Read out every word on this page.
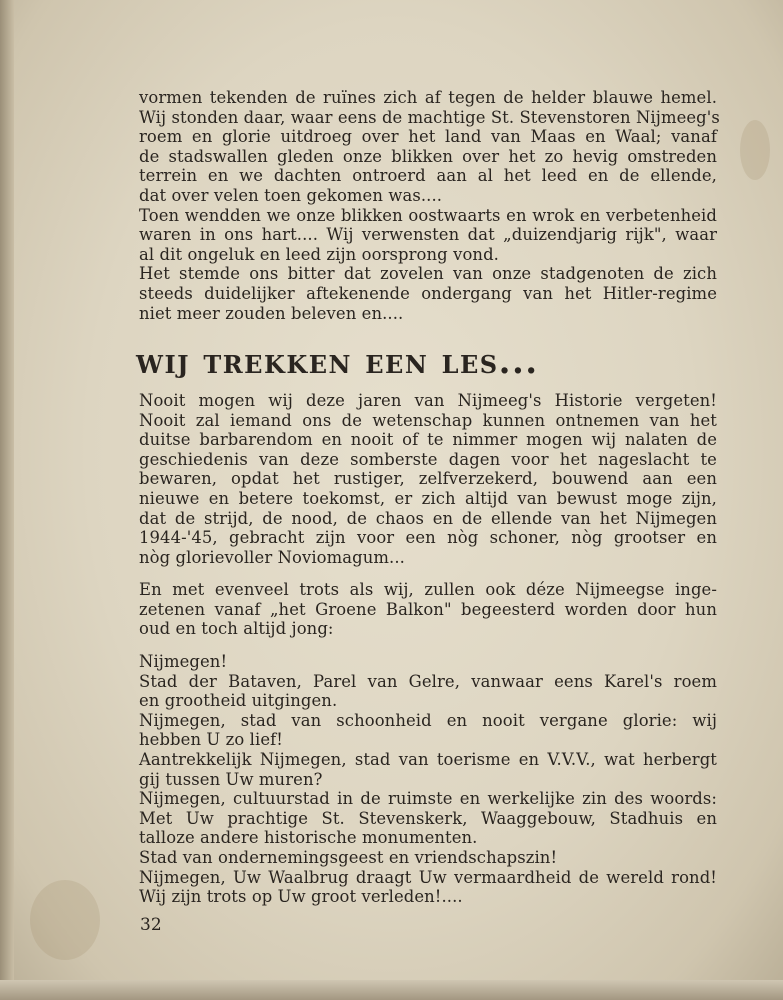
vormen tekenden de ruïnes zich af tegen de helder blauwe hemel.
Wij stonden daar, waar eens de machtige St. Stevenstoren Nijmeeg's
roem en glorie uitdroeg over het land van Maas en Waal; vanaf
de stadswallen gleden onze blikken over het zo hevig omstreden
terrein en we dachten ontroerd aan al het leed en de ellende,
dat over velen toen gekomen was....
Toen wendden we onze blikken oostwaarts en wrok en verbetenheid
waren in ons hart.... Wij verwensten dat „duizendjarig rijk", waar
al dit ongeluk en leed zijn oorsprong vond.
Het stemde ons bitter dat zovelen van onze stadgenoten de zich
steeds duidelijker aftekenende ondergang van het Hitler-regime
niet meer zouden beleven en....
wij trekken een les...
Nooit mogen wij deze jaren van Nijmeeg's Historie vergeten!
Nooit zal iemand ons de wetenschap kunnen ontnemen van het
duitse barbarendom en nooit of te nimmer mogen wij nalaten de
geschiedenis van deze somberste dagen voor het nageslacht te
bewaren, opdat het rustiger, zelfverzekerd, bouwend aan een
nieuwe en betere toekomst, er zich altijd van bewust moge zijn,
dat de strijd, de nood, de chaos en de ellende van het Nijmegen
1944-'45, gebracht zijn voor een nòg schoner, nòg grootser en
nòg glorievoller Noviomagum...
En met evenveel trots als wij, zullen ook déze Nijmeegse inge-
zetenen vanaf „het Groene Balkon" begeesterd worden door hun
oud en toch altijd jong:
Nijmegen!
Stad der Bataven, Parel van Gelre, vanwaar eens Karel's roem
en grootheid uitgingen.
Nijmegen, stad van schoonheid en nooit vergane glorie: wij
hebben U zo lief!
Aantrekkelijk Nijmegen, stad van toerisme en V.V.V., wat herbergt
gij tussen Uw muren?
Nijmegen, cultuurstad in de ruimste en werkelijke zin des woords:
Met Uw prachtige St. Stevenskerk, Waaggebouw, Stadhuis en
talloze andere historische monumenten.
Stad van ondernemingsgeest en vriendschapszin!
Nijmegen, Uw Waalbrug draagt Uw vermaardheid de wereld rond!
Wij zijn trots op Uw groot verleden!....
32
